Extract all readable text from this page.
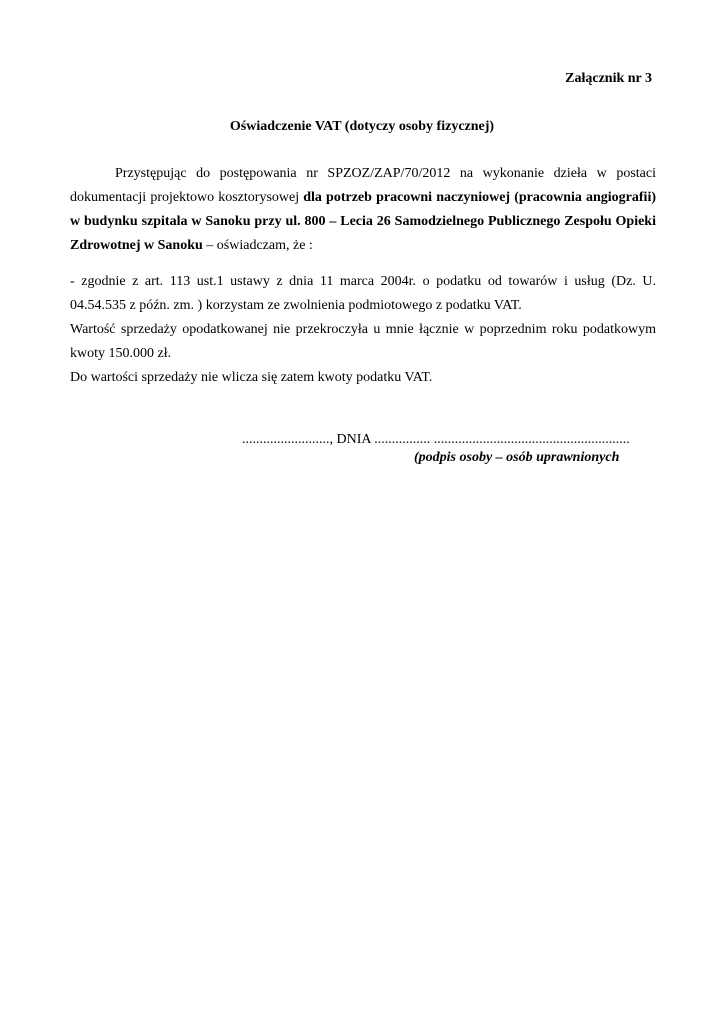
Załącznik nr 3
Oświadczenie VAT (dotyczy osoby fizycznej)
Przystępując do postępowania nr SPZOZ/ZAP/70/2012 na wykonanie dzieła w postaci dokumentacji projektowo kosztorysowej dla potrzeb pracowni naczyniowej (pracownia angiografii) w budynku szpitala w Sanoku przy ul. 800 – Lecia 26 Samodzielnego Publicznego Zespołu Opieki Zdrowotnej w Sanoku – oświadczam, że :

- zgodnie z art. 113 ust.1 ustawy z dnia 11 marca 2004r. o podatku od towarów i usług (Dz. U. 04.54.535 z późn. zm. ) korzystam ze zwolnienia podmiotowego z podatku VAT.

Wartość sprzedaży opodatkowanej nie przekroczyła u mnie łącznie w poprzednim roku podatkowym kwoty 150.000 zł.

Do wartości sprzedaży nie wlicza się zatem kwoty podatku VAT.

........................., DNIA ................ ........................................................
(podpis osoby – osób uprawnionych
